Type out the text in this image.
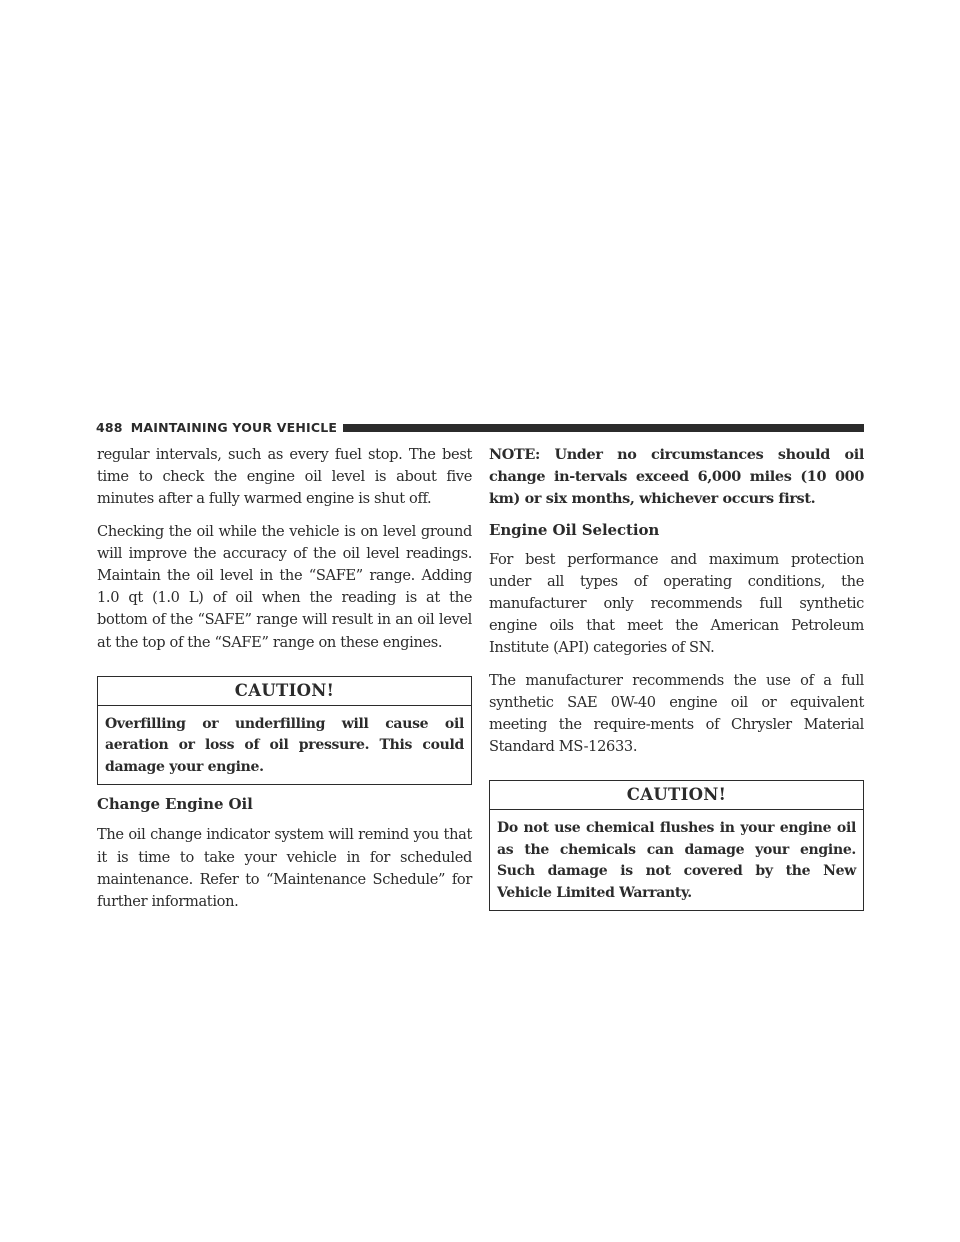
488 MAINTAINING YOUR VEHICLE

regular intervals, such as every fuel stop. The best time to check the engine oil level is about five minutes after a fully warmed engine is shut off.

Checking the oil while the vehicle is on level ground will improve the accuracy of the oil level readings. Maintain the oil level in the “SAFE” range. Adding 1.0 qt (1.0 L) of oil when the reading is at the bottom of the “SAFE” range will result in an oil level at the top of the “SAFE” range on these engines.

CAUTION!
Overfilling or underfilling will cause oil aeration or loss of oil pressure. This could damage your engine.
Change Engine Oil

The oil change indicator system will remind you that it is time to take your vehicle in for scheduled maintenance. Refer to “Maintenance Schedule” for further information.

NOTE: Under no circumstances should oil change in-tervals exceed 6,000 miles (10 000 km) or six months, whichever occurs first.

Engine Oil Selection

For best performance and maximum protection under all types of operating conditions, the manufacturer only recommends full synthetic engine oils that meet the American Petroleum Institute (API) categories of SN.

The manufacturer recommends the use of a full synthetic SAE 0W-40 engine oil or equivalent meeting the require-ments of Chrysler Material Standard MS-12633.

CAUTION!
Do not use chemical flushes in your engine oil as the chemicals can damage your engine. Such damage is not covered by the New Vehicle Limited Warranty.
